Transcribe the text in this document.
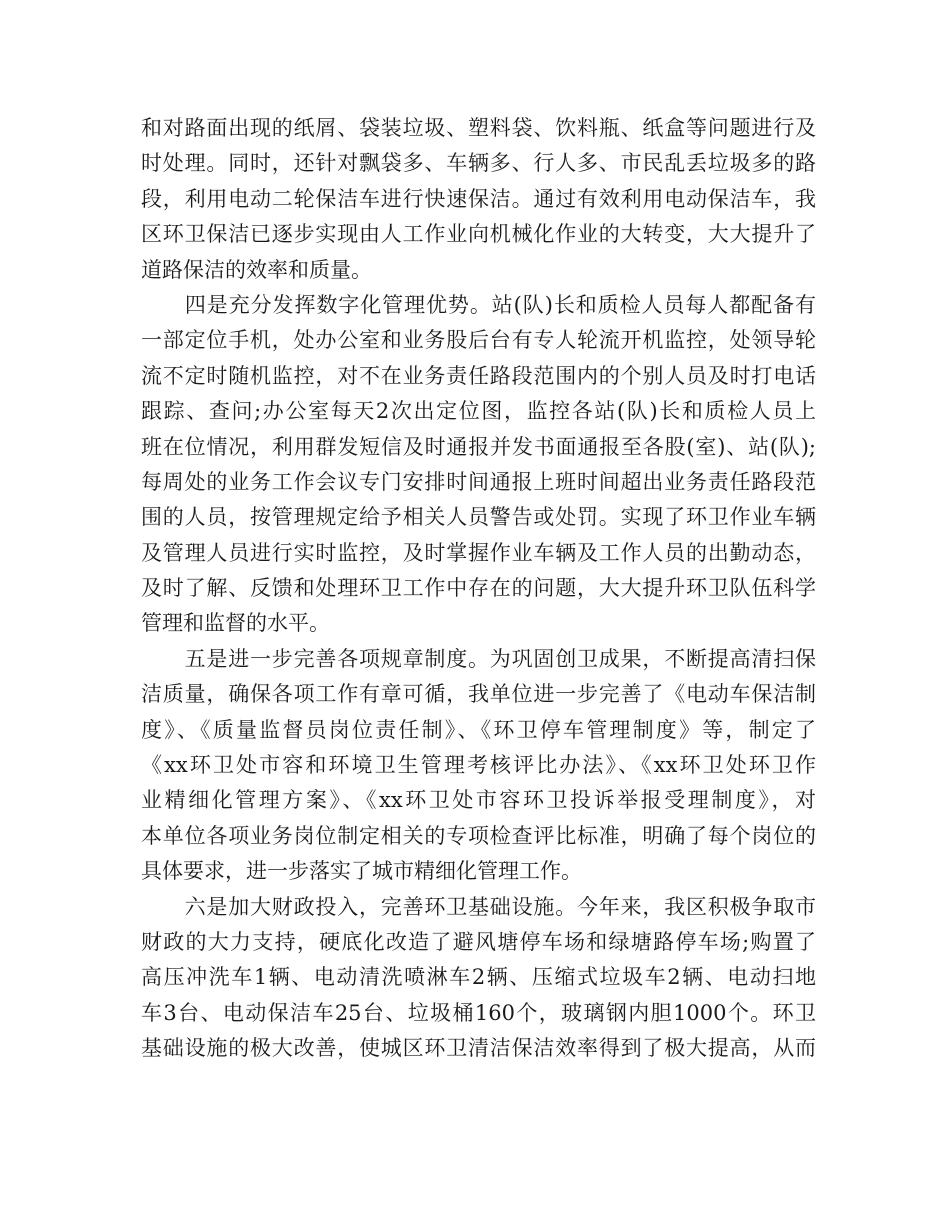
和对路面出现的纸屑、袋装垃圾、塑料袋、饮料瓶、纸盒等问题进行及
时处理。同时，还针对飘袋多、车辆多、行人多、市民乱丢垃圾多的路
段，利用电动二轮保洁车进行快速保洁。通过有效利用电动保洁车，我
区环卫保洁已逐步实现由人工作业向机械化作业的大转变，大大提升了
道路保洁的效率和质量。
　　四是充分发挥数字化管理优势。站(队)长和质检人员每人都配备有
一部定位手机，处办公室和业务股后台有专人轮流开机监控，处领导轮
流不定时随机监控，对不在业务责任路段范围内的个别人员及时打电话
跟踪、查问;办公室每天2次出定位图，监控各站(队)长和质检人员上
班在位情况，利用群发短信及时通报并发书面通报至各股(室)、站(队);
每周处的业务工作会议专门安排时间通报上班时间超出业务责任路段范
围的人员，按管理规定给予相关人员警告或处罚。实现了环卫作业车辆
及管理人员进行实时监控，及时掌握作业车辆及工作人员的出勤动态，
及时了解、反馈和处理环卫工作中存在的问题，大大提升环卫队伍科学
管理和监督的水平。
　　五是进一步完善各项规章制度。为巩固创卫成果，不断提高清扫保
洁质量，确保各项工作有章可循，我单位进一步完善了《电动车保洁制
度》、《质量监督员岗位责任制》、《环卫停车管理制度》等，制定了
《xx环卫处市容和环境卫生管理考核评比办法》、《xx环卫处环卫作
业精细化管理方案》、《xx环卫处市容环卫投诉举报受理制度》，对
本单位各项业务岗位制定相关的专项检查评比标准，明确了每个岗位的
具体要求，进一步落实了城市精细化管理工作。
　　六是加大财政投入，完善环卫基础设施。今年来，我区积极争取市
财政的大力支持，硬底化改造了避风塘停车场和绿塘路停车场;购置了
高压冲洗车1辆、电动清洗喷淋车2辆、压缩式垃圾车2辆、电动扫地
车3台、电动保洁车25台、垃圾桶160个，玻璃钢内胆1000个。环卫
基础设施的极大改善，使城区环卫清洁保洁效率得到了极大提高，从而
